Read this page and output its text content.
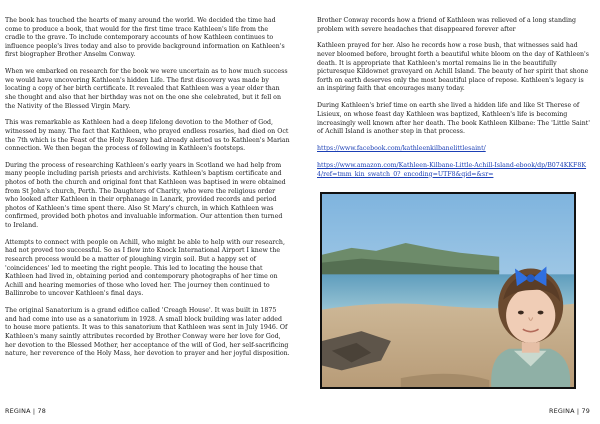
The book has touched the hearts of many around the world. We decided the time had come to produce a book, that would for the first time trace Kathleen's life from the cradle to the grave. To include contemporary accounts of how Kathleen continues to influence people's lives today and also to provide background information on Kathleen's first biographer Brother Anselm Conway.

When we embarked on research for the book we were uncertain as to how much success we would have uncovering Kathleen's hidden Life. The first discovery was made by locating a copy of her birth certificate. It revealed that Kathleen was a year older than she thought and also that her birthday was not on the one she celebrated, but it fell on the Nativity of the Blessed Virgin Mary.

This was remarkable as Kathleen had a deep lifelong devotion to the Mother of God, witnessed by many. The fact that Kathleen, who prayed endless rosaries, had died on Oct the 7th which is the Feast of the Holy Rosary had already alerted us to Kathleen's Marian connection. We then began the process of following in Kathleen's footsteps.

During the process of researching Kathleen's early years in Scotland we had help from many people including parish priests and archivists. Kathleen's baptism certificate and photos of both the church and original font that Kathleen was baptised in were obtained from St John's church, Perth. The Daughters of Charity, who were the religious order who looked after Kathleen in their orphanage in Lanark, provided records and period photos of Kathleen's time spent there. Also St Mary's church, in which Kathleen was confirmed, provided both photos and invaluable information. Our attention then turned to Ireland.

Attempts to connect with people on Achill, who might be able to help with our research, had not proved too successful. So as I flew into Knock International Airport I knew the research process would be a matter of ploughing virgin soil. But a happy set of 'coincidences' led to meeting the right people. This led to locating the house that Kathleen had lived in, obtaining period and contemporary photographs of her time on Achill and hearing memories of those who loved her. The journey then continued to Ballinrobe to uncover Kathleen's final days.

The original Sanatorium is a grand edifice called 'Creagh House'. It was built in 1875 and had come into use as a sanatorium in 1928. A small block building was later added to house more patients. It was to this sanatorium that Kathleen was sent in July 1946. Of Kathleen's many saintly attributes recorded by Brother Conway were her love for God, her devotion to the Blessed Mother, her acceptance of the will of God, her self-sacrificing nature, her reverence of the Holy Mass, her devotion to prayer and her joyful disposition.

REGINA | 78

Brother Conway records how a friend of Kathleen was relieved of a long standing problem with severe headaches that disappeared forever after

Kathleen prayed for her. Also he records how a rose bush, that witnesses said had never bloomed before, brought forth a beautiful white bloom on the day of Kathleen's death. It is appropriate that Kathleen's mortal remains lie in the beautifully picturesque Kildownet graveyard on Achill Island. The beauty of her spirit that shone forth on earth deserves only the most beautiful place of repose. Kathleen's legacy is an inspiring faith that encourages many today.

During Kathleen's brief time on earth she lived a hidden life and like St Therese of Lisieux, on whose feast day Kathleen was baptized, Kathleen's life is becoming increasingly well known after her death. The book Kathleen Kilbane: The 'Little Saint' of Achill Island is another step in that process.

https://www.facebook.com/kathleenkilbanelittlesaint/

https://www.amazon.com/Kathleen-Kilbane-Little-Achill-Island-ebook/dp/B074KKF8K4/ref=tmm_kin_swatch_0?_encoding=UTF8&qid=&sr=

REGINA | 79
